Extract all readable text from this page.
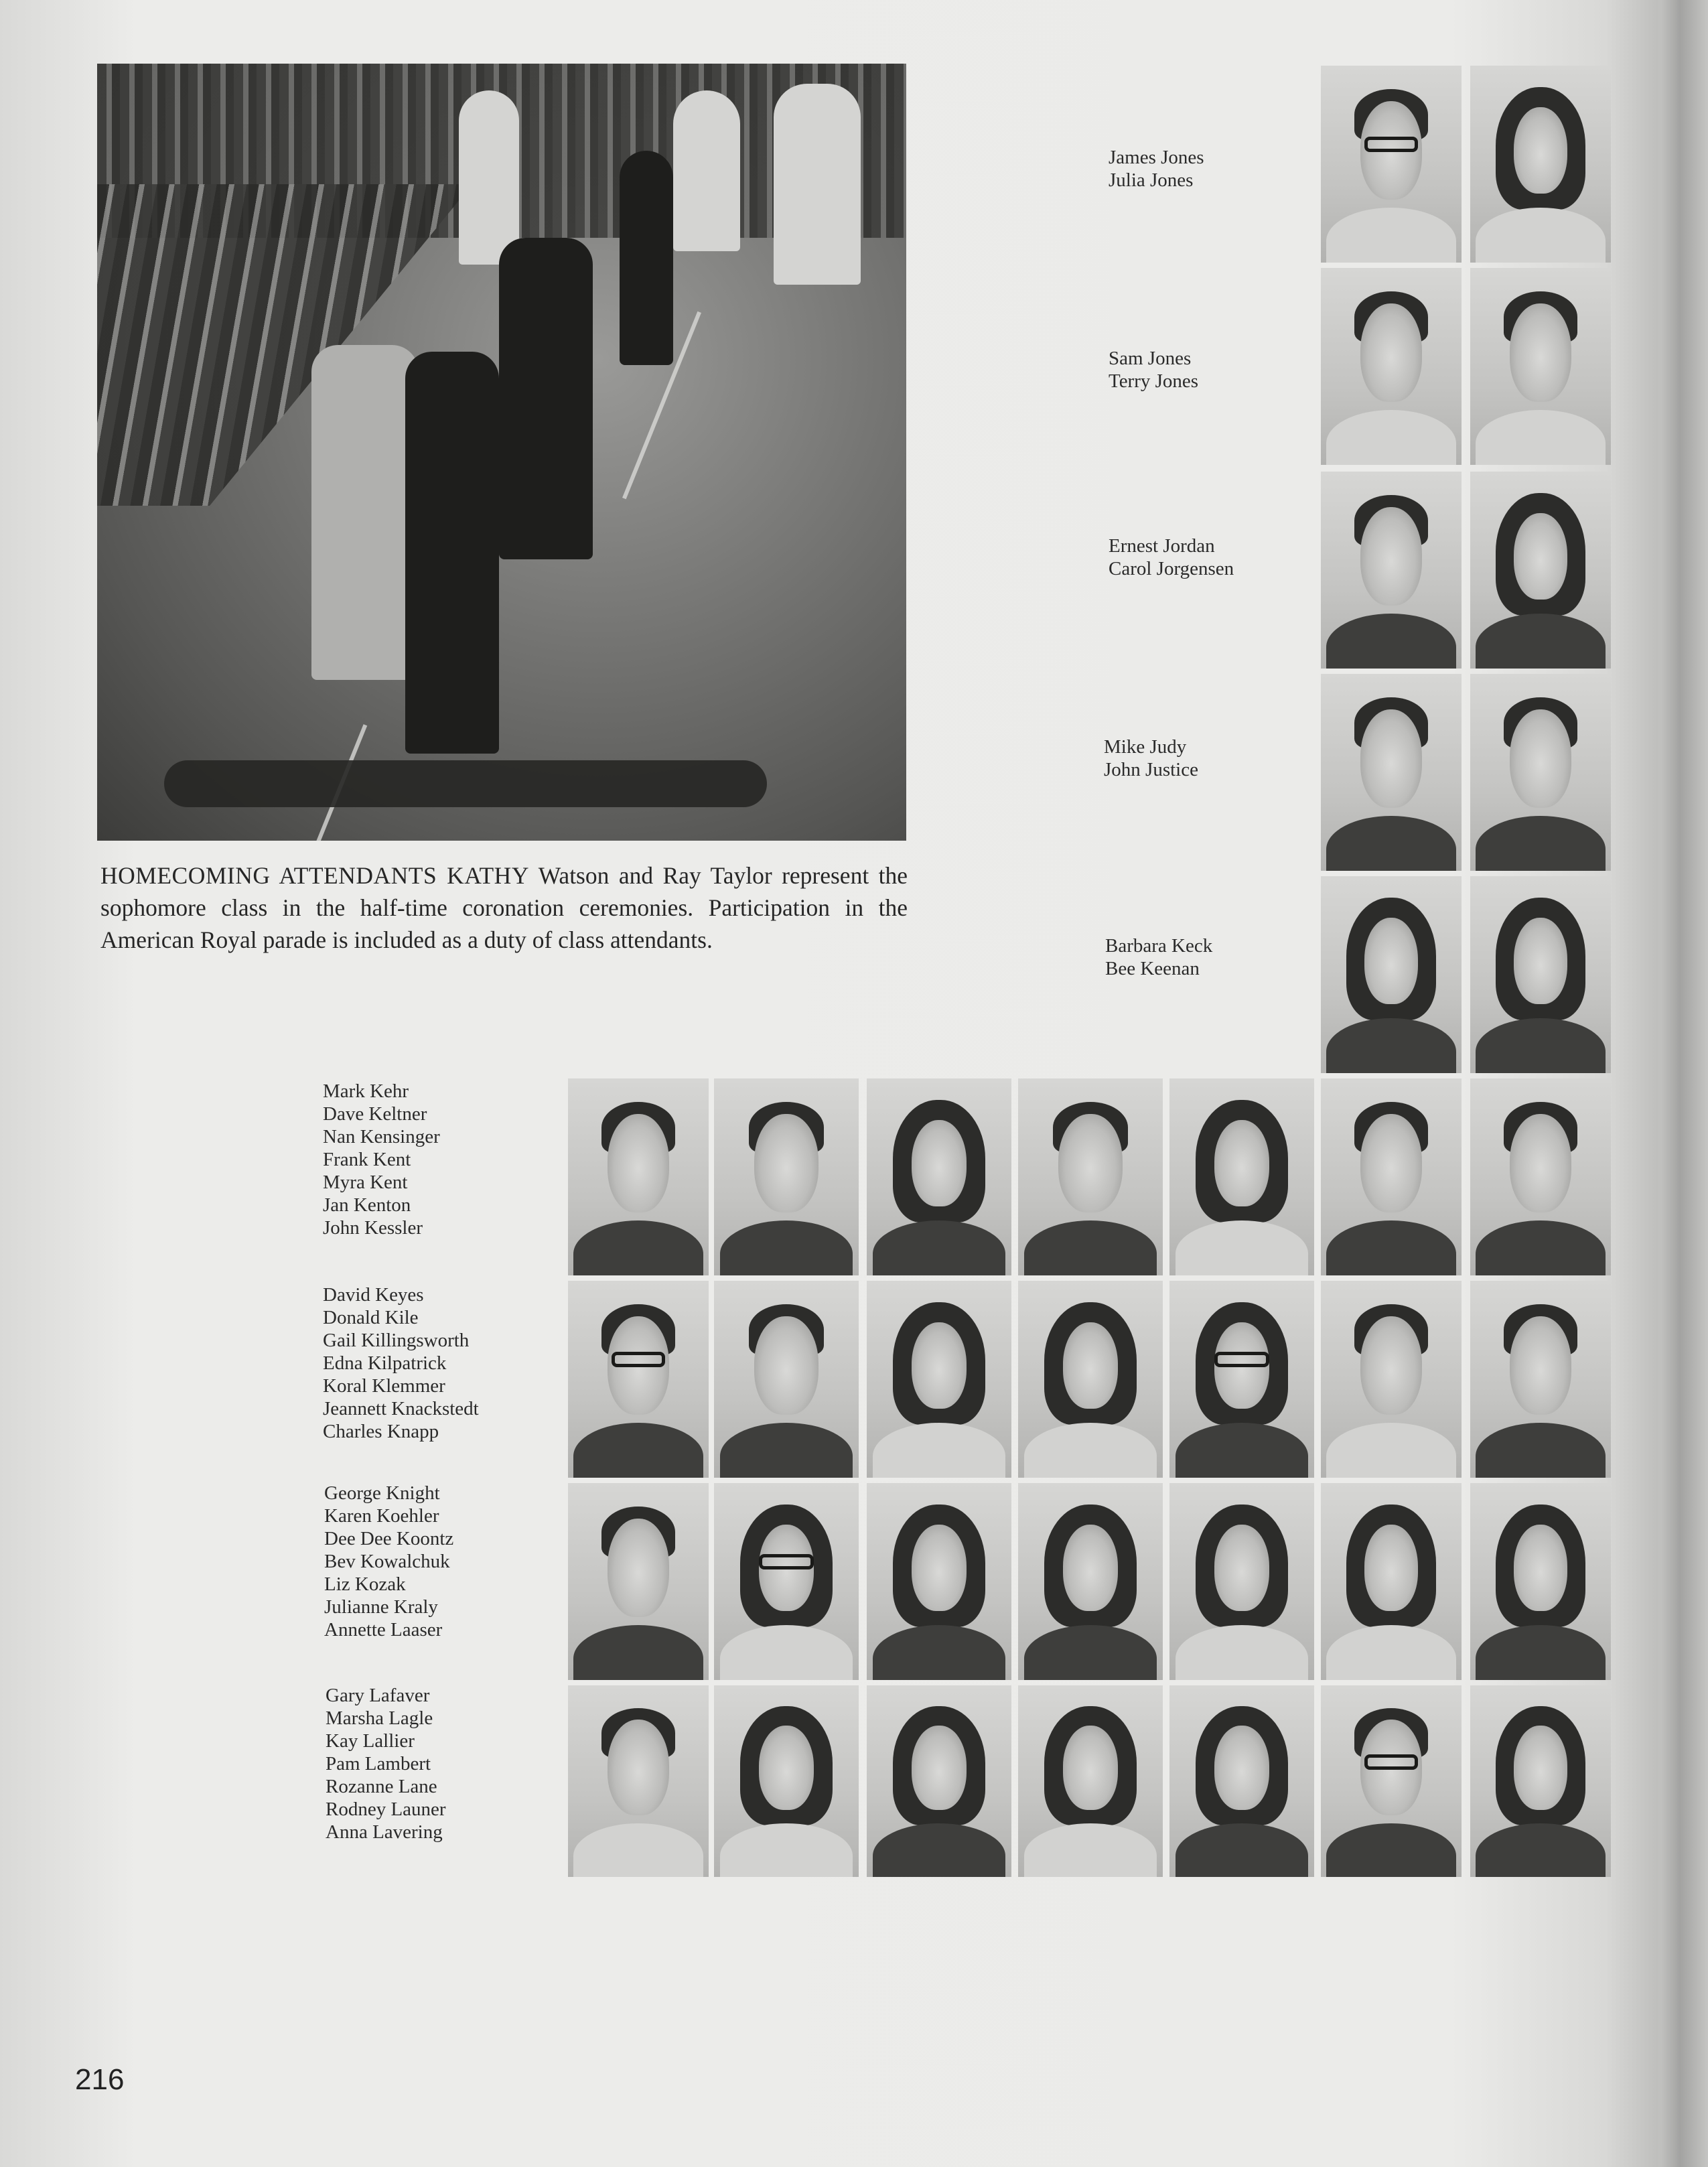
HOMECOMING ATTENDANTS KATHY Watson and Ray Taylor represent the sophomore class in the half-time coronation ceremonies. Participation in the American Royal parade is included as a duty of class attendants.
James Jones
Julia Jones
Sam Jones
Terry Jones
Ernest Jordan
Carol Jorgensen
Mike Judy
John Justice
Barbara Keck
Bee Keenan
Mark Kehr
Dave Keltner
Nan Kensinger
Frank Kent
Myra Kent
Jan Kenton
John Kessler
David Keyes
Donald Kile
Gail Killingsworth
Edna Kilpatrick
Koral Klemmer
Jeannett Knackstedt
Charles Knapp
George Knight
Karen Koehler
Dee Dee Koontz
Bev Kowalchuk
Liz Kozak
Julianne Kraly
Annette Laaser
Gary Lafaver
Marsha Lagle
Kay Lallier
Pam Lambert
Rozanne Lane
Rodney Launer
Anna Lavering
216
